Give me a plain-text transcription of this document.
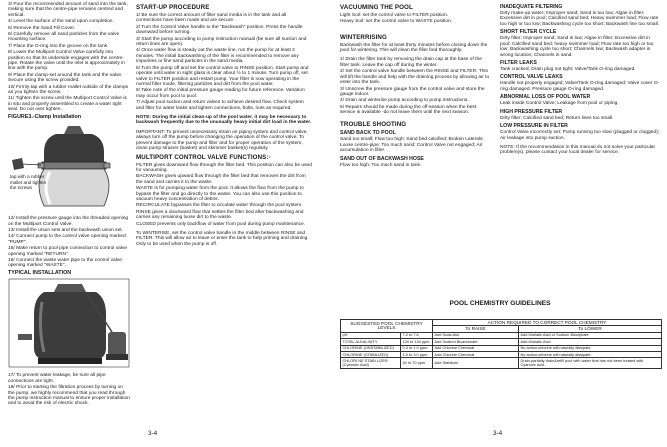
3/ Pour the recommended amount of sand into the tank, making sure that the centre-pipe remains centred and vertical.

4/ Level the surface of the sand upon completion.

5/ Remove the Sand Fill Cover.

6/ Carefully remove all sand particles from the valve mounting surface.

7/ Place the O-ring into the groove on the tank.

8/ Lower the Multiport Control Valve carefully into position so that its underside engages with the centre-pipe. Rotate the valve until the inlet is approximately in line with the pump.

9/ Place the clamp-set around the tank and the valve. Secure using the screw provided.

10/ Firmly tap with a rubber mallet outside of the clamps as you tighten the screw.

11/ Tighten the screw until the Multiport Control Valve is in situ and properly assembled to create a water tight seal. Do not over tighten.

FIGURE3.-Clamp Installation
tap with a rubber mallet and tighten the screws

12/ Install the pressure gauge into the threaded opening on the Multiport Control Valve.

13/ Install the union sets and the backwash union set.

14/ Connect pump to the control valve opening marked "PUMP".

15/ Make return to pool pipe connection to control valve opening marked "RETURN".

16/ Connect the waste water pipe to the control valve opening marked "WASTE".

TYPICAL INSTALLATION

17/ To prevent water leakage, be sure all pipe connections are tight.

18/ Prior to starting the filtration process by turning on the pump, we highly recommend that you read through the pump instruction manual to ensure proper installation and to avoid the risk of electric shock.

START-UP PROCEDURE

1/ Be sure the correct amount of filter sand media is in the tank and all connections have been made and are secure.

2/ Turn the Control Valve handle to the "Backwash" position. Press the handle downward before turning.

3/ Start the pump according to pump instruction manual (be sure all suction and return lines are open).

4/ Once water flow is steady out the waste line, run the pump for at least 2 minutes. The initial backwashing of the filter is recommended to remove any impurities or fine sand particles in the sand media.

5/ Turn the pump off and set the control valve to RINSE position. Start pump and operate until water in sight glass is clear about ½ to 1 minute. Turn pump off, set valve to FILTER position and restart pump. Your filter is now operating in the normal filter mode, filtering particles and dirt from the pool water.

6/ Take note of the initial pressure gauge reading for future reference. Variation may occur from pool to pool.

7/ Adjust pool suction and return valves to achieve desired flow. Check system and filter for water leaks and tighten connections, bolts, nuts as required.

NOTE: During the initial clean-up of the pool water, it may be necessary to backwash frequently due to the unusually heavy initial dirt load in the water.

IMPORTANT: To prevent unnecessary strain on piping system and control valve, always turn off the pump before changing the operation of the control valve. To prevent damage to the pump and filter and for proper operation of the system, clean pump strainer (basket) and skimmer basket(s) regularly.

MULTIPORT CONTROL VALVE FUNCTIONS:-

FILTER gives downward flow through the filter bed. This position can also be used for vacuuming.

BACKWASH gives upward flow through the filter bed that removes the dirt from the sand and carries it to the waste.

WASTE is for pumping water from the pool. It allows the flow from the pump to bypass the filter and go directly to the waste. You can also use this position to vacuum heavy concentration of debris.

RECIRCULATE bypasses the filter to circulate water through the pool system.

RINSE gives a downward flow that settles the filter bed after backwashing and carries any remaining loose dirt to the waste.

CLOSED prevents only backflow of water from pool during pump maintenance.

To WINTERISE, set the control valve handle in the middle between RINSE and FILTER. This will allow air to leave or enter the tank to help priming and draining. Only to be used when the pump is off.

VACUUMING THE POOL

Light Soil: set the control valve to FILTER position.

Heavy Soil: set the control valve to WASTE position.

WINTERRISING

Backwash the filter for at least thirty minutes before closing down the pool for wintering. This will clean the filler bed thoroughly.

1/ Drain the filter tank by removing the drain cap at the base of the filter tank. Leave the cap off during the winter.

2/ Set the control valve handle between the RINSE and FILTER. This will lift the handle and help with the draining process by allowing air to enter into the tank.

3/ Unscrew the pressure gauge from the control valve and store the gauge indoor.

4/ Drain and winterise pump according to pump instructions.

5/ Repairs should be made during the off-season when the best service is available -do not leave them until the next season.

TROUBLE SHOOTING
SAND BACK TO POOL

Sand too small; Flow too high; Sand bed calcified; Broken Laterals; Loose centre-pipe; Too much sand; Control Valve not engaged; Air accumulation in filter.

SAND OUT OF BACKWASH HOSE

Flow too high; Too much sand in tank.

INADEQUATE FILTERING

Dirty make-up water; Improper sand; Sand is too low; Algae in filter; Excessive dirt in pool; Calcified sand bed; Heavy swimmer load; Flow rate too high or too low; Backwashing cycle too short; Backwash line too small.

SHORT FILTER CYCLE

Dirty filter; Improper sand; Sand is low; Algae in filter; Excessive dirt in pool; Calcified sand bed; heavy swimmer load; Flow rate too high or too low; Backwashing cycle too short; Channels low; Backwash adapter in wrong location; Channels in sand.

FILTER LEAKS

Tank cracked; Drain plug not tight; Valve/Tank O-ring damaged.

CONTROL VALVE LEAKS

Handle not properly engaged; Valve/Tank O-ring damaged; Valve cover O-ring damaged. Pressure gauge O-ring damaged.

ABNORMAL LOSS OF POOL WATER

Leak inside Control Valve; Leakage from pool or piping.

HIGH PRESSURE FILTER

Dirty filter; Calcified sand bed; Return lines too small.

LOW PRESSURE IN FILTER

Control Valve incorrectly set; Pump running too slow (plugged or clogged); Air leakage into pump suction.

NOTE: If the recommendation in this manual do not solve your particular problem(s), please contact your local dealer for service.

POOL CHEMISTRY GUIDELINES
SUGGESTED POOL CHEMISTRY LEVELS		ACTION REQUIRED TO CORRECT POOL CHEMISTRY	
		To RAISE	To LOWER
pH	7.2 to 7.6	Add Soda Ash	Add Muriatic Acid or Sodium Bisulphate
TOTAL ALKALINITY	100 to 130 ppm	Add Sodium Bicarbonate	Add Muriatic Acid
CHLORINE (UNSTABILIZED)	0.3 to 1.0 ppm	Add Chlorine Chemical	No action-chlorine will naturally dissipate
CHLORINE (STABILIZED)	1.0 to 3.0 ppm	Add Chlorine Chemical	No action-chlorine will naturally dissipate
CHLORI NE STABI LIZER (Cyanuric Acid)	40 to 70 ppm	Add Stabilizer	Drain-partially drain&refill pool with water that has not been treated with Cyanuric Acid.
3-4	3-4
